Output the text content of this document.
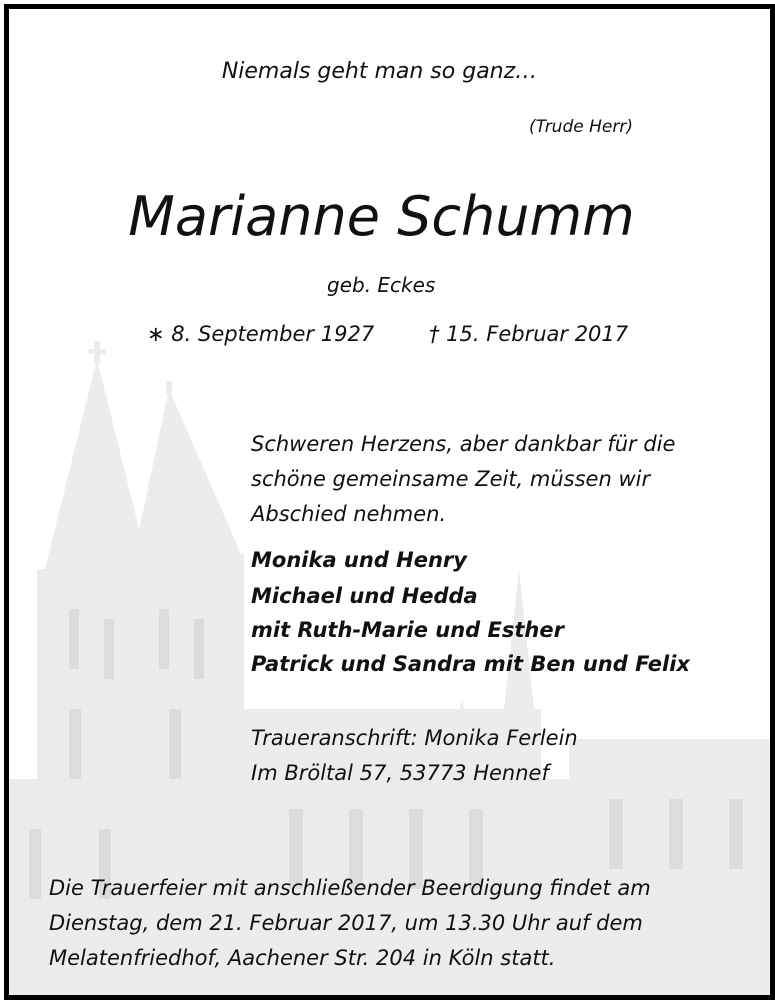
Niemals geht man so ganz…

(Trude Herr)

Marianne Schumm

geb. Eckes

∗ 8. September 1927	† 15. Februar 2017

Schweren Herzens, aber dankbar für die
schöne gemeinsame Zeit, müssen wir
Abschied nehmen.
Monika und Henry
Michael und Hedda
mit Ruth-Marie und Esther
Patrick und Sandra mit Ben und Felix
Traueranschrift: Monika Ferlein
Im Bröltal 57, 53773 Hennef
Die Trauerfeier mit anschließender Beerdigung findet am
Dienstag, dem 21. Februar 2017, um 13.30 Uhr auf dem
Melatenfriedhof, Aachener Str. 204 in Köln statt.
